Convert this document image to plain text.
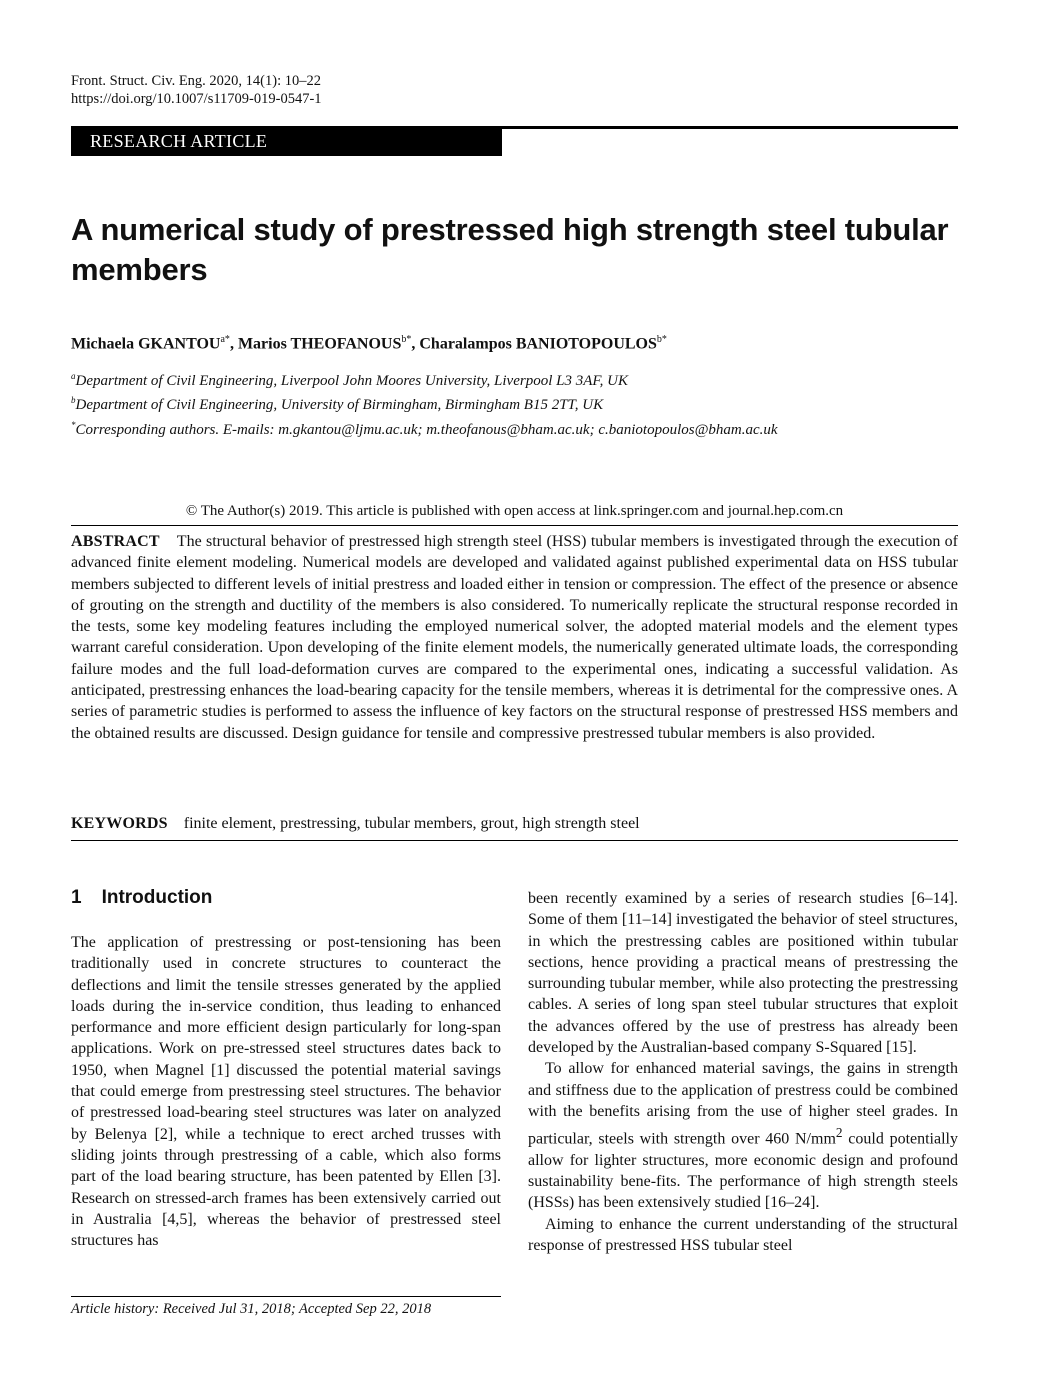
Front. Struct. Civ. Eng. 2020, 14(1): 10–22
https://doi.org/10.1007/s11709-019-0547-1
RESEARCH ARTICLE
A numerical study of prestressed high strength steel tubular members
Michaela $GKANTOU^{a*}$, Marios $THEOFANOUS^{b*}$, Charalampos $BANIOTOPOULOS^{b*}$
$^a$Department of Civil Engineering, Liverpool John Moores University, Liverpool L3 3AF, UK
$^b$Department of Civil Engineering, University of Birmingham, Birmingham B15 2TT, UK
*Corresponding authors. E-mails: m.gkantou@ljmu.ac.uk; m.theofanous@bham.ac.uk; c.baniotopoulos@bham.ac.uk
© The Author(s) 2019. This article is published with open access at link.springer.com and journal.hep.com.cn

ABSTRACT The structural behavior of prestressed high strength steel (HSS) tubular members is investigated through the execution of advanced finite element modeling. Numerical models are developed and validated against published experimental data on HSS tubular members subjected to different levels of initial prestress and loaded either in tension or compression. The effect of the presence or absence of grouting on the strength and ductility of the members is also considered. To numerically replicate the structural response recorded in the tests, some key modeling features including the employed numerical solver, the adopted material models and the element types warrant careful consideration. Upon developing of the finite element models, the numerically generated ultimate loads, the corresponding failure modes and the full load-deformation curves are compared to the experimental ones, indicating a successful validation. As anticipated, prestressing enhances the load-bearing capacity for the tensile members, whereas it is detrimental for the compressive ones. A series of parametric studies is performed to assess the influence of key factors on the structural response of prestressed HSS members and the obtained results are discussed. Design guidance for tensile and compressive prestressed tubular members is also provided.

KEYWORDS finite element, prestressing, tubular members, grout, high strength steel
1 Introduction

The application of prestressing or post-tensioning has been traditionally used in concrete structures to counteract the deflections and limit the tensile stresses generated by the applied loads during the in-service condition, thus leading to enhanced performance and more efficient design particularly for long-span applications. Work on pre-stressed steel structures dates back to 1950, when Magnel [1] discussed the potential material savings that could emerge from prestressing steel structures. The behavior of prestressed load-bearing steel structures was later on analyzed by Belenya [2], while a technique to erect arched trusses with sliding joints through prestressing of a cable, which also forms part of the load bearing structure, has been patented by Ellen [3]. Research on stressed-arch frames has been extensively carried out in Australia [4,5], whereas the behavior of prestressed steel structures has

been recently examined by a series of research studies [6–14]. Some of them [11–14] investigated the behavior of steel structures, in which the prestressing cables are positioned within tubular sections, hence providing a practical means of prestressing the surrounding tubular member, while also protecting the prestressing cables. A series of long span steel tubular structures that exploit the advances offered by the use of prestress has already been developed by the Australian-based company S-Squared [15].

To allow for enhanced material savings, the gains in strength and stiffness due to the application of prestress could be combined with the benefits arising from the use of higher steel grades. In particular, steels with strength over 460 $N/mm^2$ could potentially allow for lighter structures, more economic design and profound sustainability bene-fits. The performance of high strength steels (HSSs) has been extensively studied [16–24].

Aiming to enhance the current understanding of the structural response of prestressed HSS tubular steel

Article history: Received Jul 31, 2018; Accepted Sep 22, 2018
